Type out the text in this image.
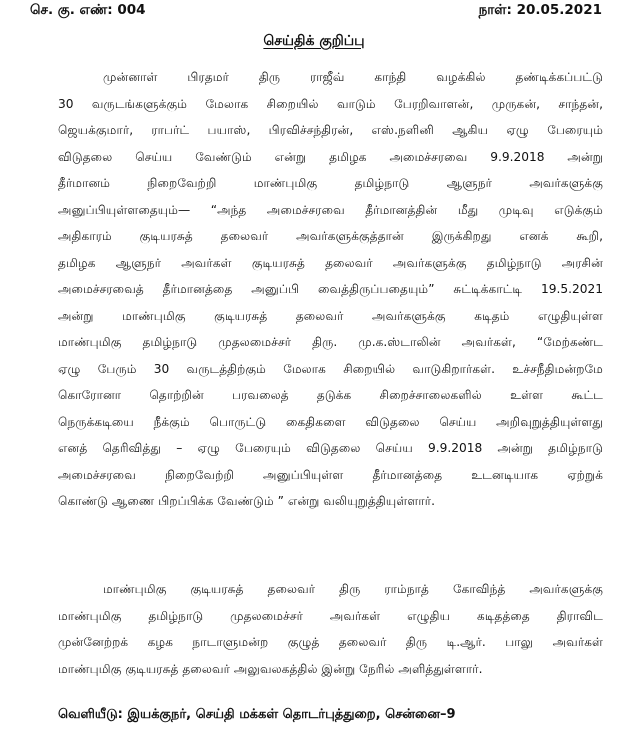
செ. கு. எண்: 004	நாள்: 20.05.2021
செய்திக் குறிப்பு
முன்னாள் பிரதமர் திரு ராஜீவ் காந்தி வழக்கில் தண்டிக்கப்பட்டு
30 வருடங்களுக்கும் மேலாக சிறையில் வாடும் பேரறிவாளன், முருகன், சாந்தன்,
ஜெயக்குமார், ராபர்ட் பயாஸ், பிரவிச்சந்திரன், எஸ்.நளினி ஆகிய ஏழு பேரையும்
விடுதலை செய்ய வேண்டும் என்று தமிழக அமைச்சரவை 9.9.2018 அன்று
தீர்மானம் நிறைவேற்றி மாண்புமிகு தமிழ்நாடு ஆளுநர் அவர்களுக்கு
அனுப்பியுள்ளதையும்— “அந்த அமைச்சரவை தீர்மானத்தின் மீது முடிவு எடுக்கும்
அதிகாரம் குடியரசுத் தலைவர் அவர்களுக்குத்தான் இருக்கிறது எனக் கூறி,
தமிழக ஆளுநர் அவர்கள் குடியரசுத் தலைவர் அவர்களுக்கு தமிழ்நாடு அரசின்
அமைச்சரவைத் தீர்மானத்தை அனுப்பி வைத்திருப்பதையும்” சுட்டிக்காட்டி 19.5.2021
அன்று மாண்புமிகு குடியரசுத் தலைவர் அவர்களுக்கு கடிதம் எழுதியுள்ள
மாண்புமிகு தமிழ்நாடு முதலமைச்சர் திரு. மு.க.ஸ்டாலின் அவர்கள், “மேற்கண்ட
ஏழு பேரும் 30 வருடத்திற்கும் மேலாக சிறையில் வாடுகிறார்கள். உச்சநீதிமன்றமே
கொரோனா தொற்றின் பரவலைத் தடுக்க சிறைச்சாலைகளில் உள்ள கூட்ட
நெருக்கடியை நீக்கும் பொருட்டு கைதிகளை விடுதலை செய்ய அறிவுறுத்தியுள்ளது
எனத் தெரிவித்து – ஏழு பேரையும் விடுதலை செய்ய 9.9.2018 அன்று தமிழ்நாடு
அமைச்சரவை நிறைவேற்றி அனுப்பியுள்ள தீர்மானத்தை உடனடியாக ஏற்றுக்
கொண்டு ஆணை பிறப்பிக்க வேண்டும் ” என்று வலியுறுத்தியுள்ளார்.
மாண்புமிகு குடியரசுத் தலைவர் திரு ராம்நாத் கோவிந்த் அவர்களுக்கு
மாண்புமிகு தமிழ்நாடு முதலமைச்சர் அவர்கள் எழுதிய கடிதத்தை திராவிட
முன்னேற்றக் கழக நாடாளுமன்ற குழுத் தலைவர் திரு டி.ஆர். பாலு அவர்கள்
மாண்புமிகு குடியரசுத் தலைவர் அலுவலகத்தில் இன்று நேரில் அளித்துள்ளார்.
வெளியீடு: இயக்குநர், செய்தி மக்கள் தொடர்புத்துறை, சென்னை–9
